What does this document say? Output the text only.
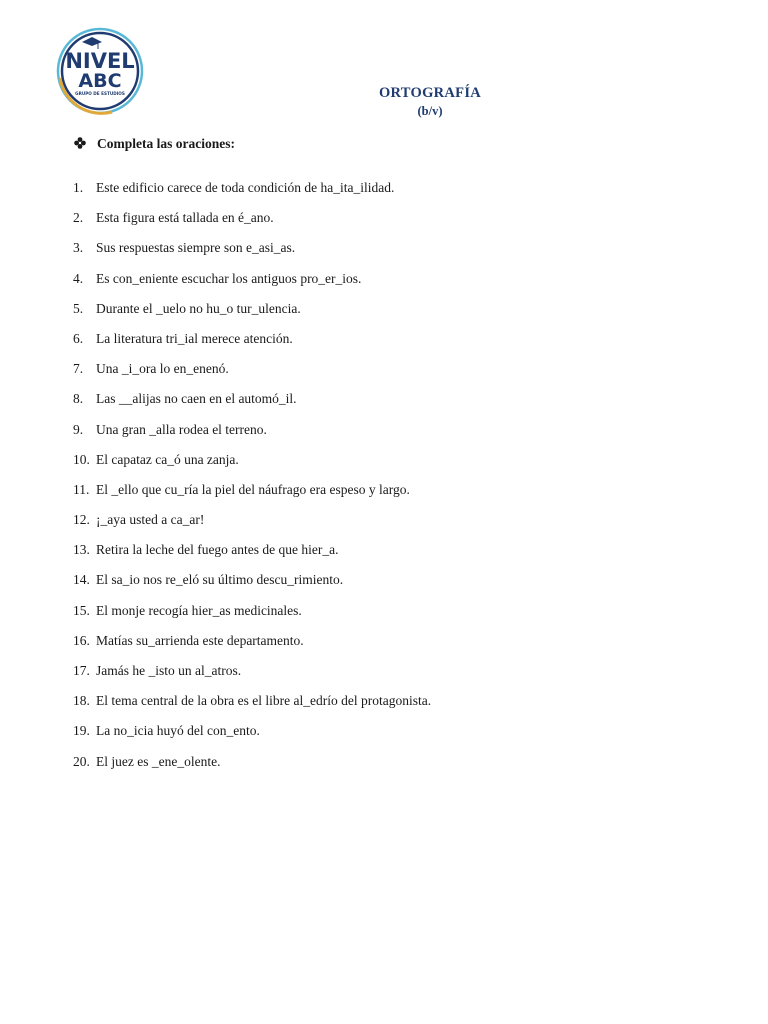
NIVEL
ABC
GRUPO DE ESTUDIOS	ORTOGRAFÍA
(b/v)
Completa las oraciones:
1. Este edificio carece de toda condición de ha_ita_ilidad.
2. Esta figura está tallada en é_ano.
3. Sus respuestas siempre son e_asi_as.
4. Es con_eniente escuchar los antiguos pro_er_ios.
5. Durante el _uelo no hu_o tur_ulencia.
6. La literatura tri_ial merece atención.
7. Una _i_ora lo en_enenó.
8. Las __alijas no caen en el automó_il.
9. Una gran _alla rodea el terreno.
10. El capataz ca_ó una zanja.
11. El _ello que cu_ría la piel del náufrago era espeso y largo.
12. ¡_aya usted a ca_ar!
13. Retira la leche del fuego antes de que hier_a.
14. El sa_io nos re_eló su último descu_rimiento.
15. El monje recogía hier_as medicinales.
16. Matías su_arrienda este departamento.
17. Jamás he _isto un al_atros.
18. El tema central de la obra es el libre al_edrío del protagonista.
19. La no_icia huyó del con_ento.
20. El juez es _ene_olente.
